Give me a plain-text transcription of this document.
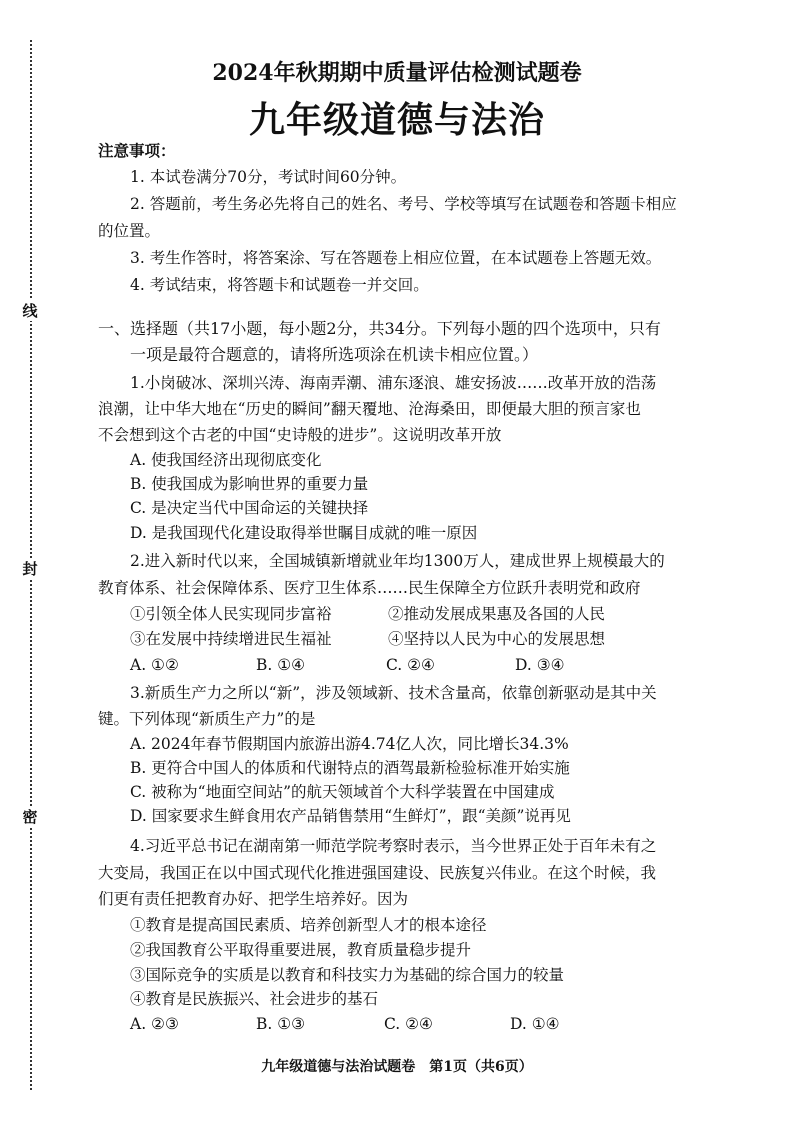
线
封
密
2024年秋期期中质量评估检测试题卷
九年级道德与法治
注意事项：
1. 本试卷满分70分，考试时间60分钟。
2. 答题前，考生务必先将自己的姓名、考号、学校等填写在试题卷和答题卡相应
的位置。
3. 考生作答时，将答案涂、写在答题卷上相应位置，在本试题卷上答题无效。
4. 考试结束，将答题卡和试题卷一并交回。
一、选择题（共17小题，每小题2分，共34分。下列每小题的四个选项中，只有
一项是最符合题意的，请将所选项涂在机读卡相应位置。）
1.小岗破冰、深圳兴涛、海南弄潮、浦东逐浪、雄安扬波……改革开放的浩荡
浪潮，让中华大地在“历史的瞬间”翻天覆地、沧海桑田，即便最大胆的预言家也
不会想到这个古老的中国“史诗般的进步”。这说明改革开放
A. 使我国经济出现彻底变化
B. 使我国成为影响世界的重要力量
C. 是决定当代中国命运的关键抉择
D. 是我国现代化建设取得举世瞩目成就的唯一原因
2.进入新时代以来，全国城镇新增就业年均1300万人，建成世界上规模最大的
教育体系、社会保障体系、医疗卫生体系……民生保障全方位跃升表明党和政府
①引领全体人民实现同步富裕	②推动发展成果惠及各国的人民
③在发展中持续增进民生福祉	④坚持以人民为中心的发展思想
A. ①②	B. ①④	C. ②④	D. ③④
3.新质生产力之所以“新”，涉及领域新、技术含量高，依靠创新驱动是其中关
键。下列体现“新质生产力”的是
A. 2024年春节假期国内旅游出游4.74亿人次，同比增长34.3%
B. 更符合中国人的体质和代谢特点的酒驾最新检验标准开始实施
C. 被称为“地面空间站”的航天领域首个大科学装置在中国建成
D. 国家要求生鲜食用农产品销售禁用“生鲜灯”，跟“美颜”说再见
4.习近平总书记在湖南第一师范学院考察时表示，当今世界正处于百年未有之
大变局，我国正在以中国式现代化推进强国建设、民族复兴伟业。在这个时候，我
们更有责任把教育办好、把学生培养好。因为
①教育是提高国民素质、培养创新型人才的根本途径
②我国教育公平取得重要进展，教育质量稳步提升
③国际竞争的实质是以教育和科技实力为基础的综合国力的较量
④教育是民族振兴、社会进步的基石
A. ②③	B. ①③	C. ②④	D. ①④
九年级道德与法治试题卷　第1页（共6页）
